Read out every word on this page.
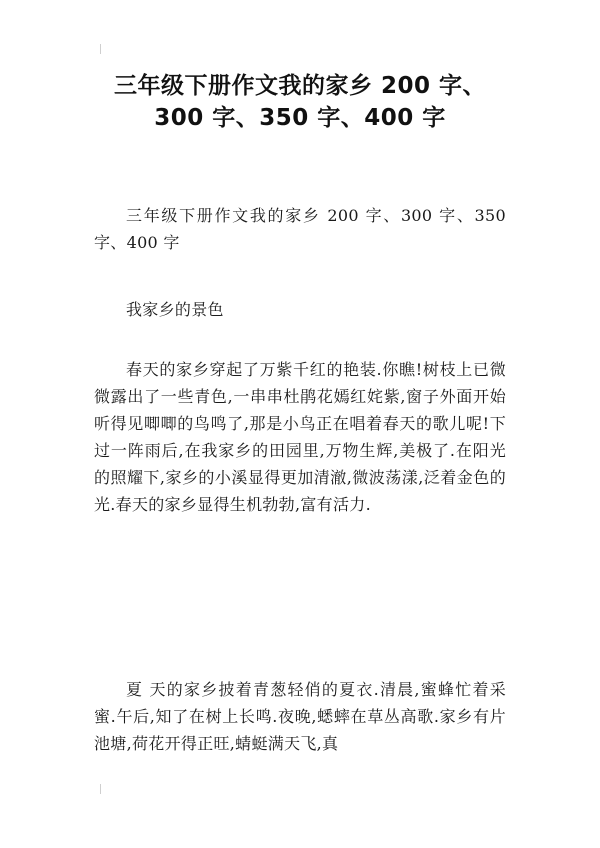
三年级下册作文我的家乡 200 字、300 字、350 字、400 字
三年级下册作文我的家乡 200 字、300 字、350 字、400 字
我家乡的景色
春天的家乡穿起了万紫千红的艳装.你瞧!树枝上已微微露出了一些青色,一串串杜鹃花嫣红姹紫,窗子外面开始听得见唧唧的鸟鸣了,那是小鸟正在唱着春天的歌儿呢!下过一阵雨后,在我家乡的田园里,万物生辉,美极了.在阳光的照耀下,家乡的小溪显得更加清澈,微波荡漾,泛着金色的光.春天的家乡显得生机勃勃,富有活力.
夏 天的家乡披着青葱轻俏的夏衣.清晨,蜜蜂忙着采蜜.午后,知了在树上长鸣.夜晚,蟋蟀在草丛高歌.家乡有片池塘,荷花开得正旺,蜻蜓满天飞,真
